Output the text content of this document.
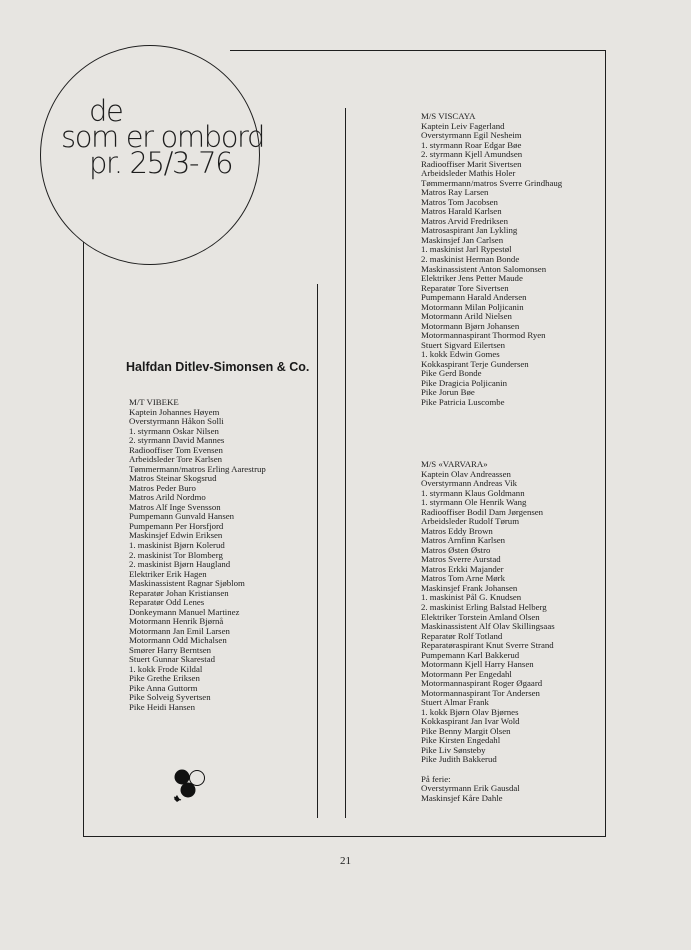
de
som er ombord
pr. 25/3-76
Halfdan Ditlev-Simonsen & Co.
M/T VIBEKE
Kaptein Johannes Høyem
Overstyrmann Håkon Solli
1. styrmann Oskar Nilsen
2. styrmann David Mannes
Radiooffiser Tom Evensen
Arbeidsleder Tore Karlsen
Tømmermann/matros Erling Aarestrup
Matros Steinar Skogsrud
Matros Peder Buro
Matros Arild Nordmo
Matros Alf Inge Svensson
Pumpemann Gunvald Hansen
Pumpemann Per Horsfjord
Maskinsjef Edwin Eriksen
1. maskinist Bjørn Kolerud
2. maskinist Tor Blomberg
2. maskinist Bjørn Haugland
Elektriker Erik Hagen
Maskinassistent Ragnar Sjøblom
Reparatør Johan Kristiansen
Reparatør Odd Lenes
Donkeymann Manuel Martinez
Motormann Henrik Bjørnå
Motormann Jan Emil Larsen
Motormann Odd Michalsen
Smører Harry Berntsen
Stuert Gunnar Skarestad
1. kokk Frode Kildal
Pike Grethe Eriksen
Pike Anna Guttorm
Pike Solveig Syvertsen
Pike Heidi Hansen
M/S VISCAYA
Kaptein Leiv Fagerland
Overstyrmann Egil Nesheim
1. styrmann Roar Edgar Bøe
2. styrmann Kjell Amundsen
Radiooffiser Marit Sivertsen
Arbeidsleder Mathis Holer
Tømmermann/matros Sverre Grindhaug
Matros Ray Larsen
Matros Tom Jacobsen
Matros Harald Karlsen
Matros Arvid Fredriksen
Matrosaspirant Jan Lykling
Maskinsjef Jan Carlsen
1. maskinist Jarl Rypestøl
2. maskinist Herman Bonde
Maskinassistent Anton Salomonsen
Elektriker Jens Petter Maude
Reparatør Tore Sivertsen
Pumpemann Harald Andersen
Motormann Milan Poljicanin
Motormann Arild Nielsen
Motormann Bjørn Johansen
Motormannaspirant Thormod Ryen
Stuert Sigvard Eilertsen
1. kokk Edwin Gomes
Kokkaspirant Terje Gundersen
Pike Gerd Bonde
Pike Dragicia Poljicanin
Pike Jorun Bøe
Pike Patricia Luscombe
M/S «VARVARA»
Kaptein Olav Andreassen
Overstyrmann Andreas Vik
1. styrmann Klaus Goldmann
1. styrmann Ole Henrik Wang
Radiooffiser Bodil Dam Jørgensen
Arbeidsleder Rudolf Tørum
Matros Eddy Brown
Matros Arnfinn Karlsen
Matros Østen Østro
Matros Sverre Aurstad
Matros Erkki Majander
Matros Tom Arne Mørk
Maskinsjef Frank Johansen
1. maskinist Pål G. Knudsen
2. maskinist Erling Balstad Helberg
Elektriker Torstein Amland Olsen
Maskinassistent Alf Olav Skillingsaas
Reparatør Rolf Totland
Reparatøraspirant Knut Sverre Strand
Pumpemann Karl Bakkerud
Motormann Kjell Harry Hansen
Motormann Per Engedahl
Motormannaspirant Roger Øgaard
Motormannaspirant Tor Andersen
Stuert Almar Frank
1. kokk Bjørn Olav Bjørnes
Kokkaspirant Jan Ivar Wold
Pike Benny Margit Olsen
Pike Kirsten Engedahl
Pike Liv Sønsteby
Pike Judith Bakkerud
På ferie:
Overstyrmann Erik Gausdal
Maskinsjef Kåre Dahle
21
